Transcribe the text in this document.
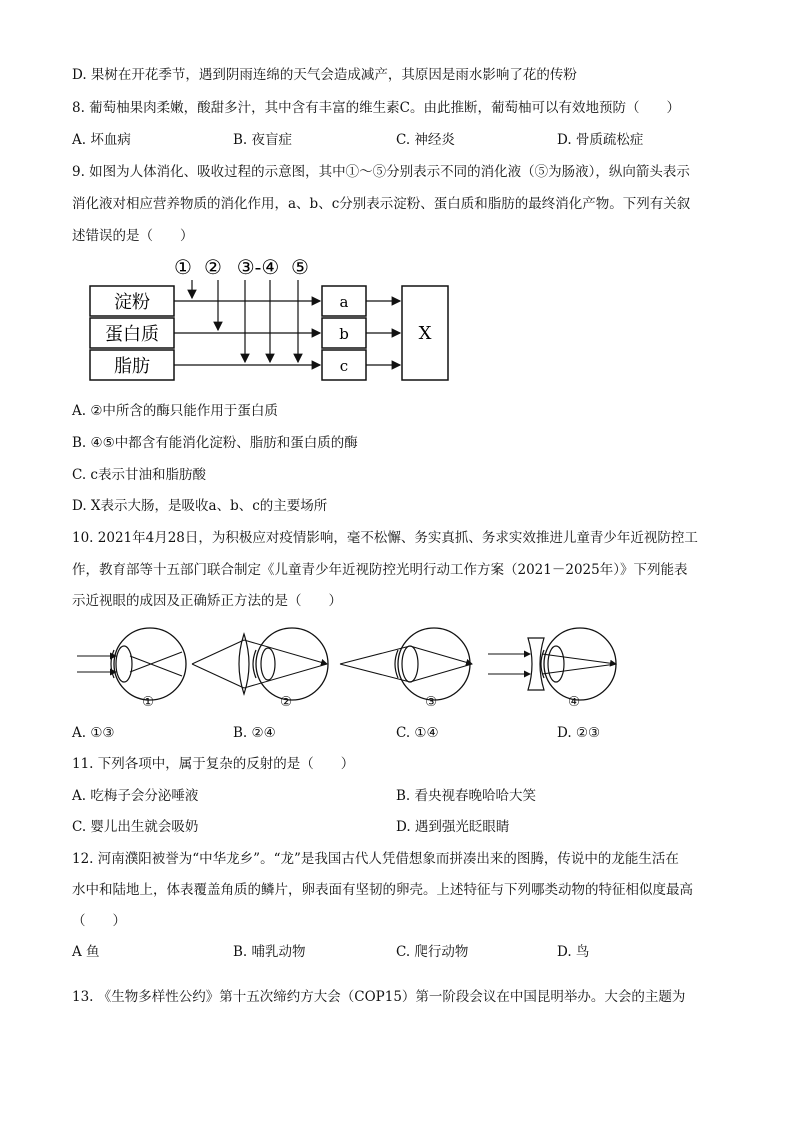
D. 果树在开花季节，遇到阴雨连绵的天气会造成减产，其原因是雨水影响了花的传粉
8. 葡萄柚果肉柔嫩，酸甜多汁，其中含有丰富的维生素C。由此推断，葡萄柚可以有效地预防（　　）
A. 坏血病	B. 夜盲症	C. 神经炎	D. 骨质疏松症
9. 如图为人体消化、吸收过程的示意图，其中①～⑤分别表示不同的消化液（⑤为肠液），纵向箭头表示
消化液对相应营养物质的消化作用，a、b、c分别表示淀粉、蛋白质和脂肪的最终消化产物。下列有关叙
述错误的是（　　）
① ② ③-④ ⑤
淀粉
蛋白质
脂肪
a
b
c
X
A. ②中所含的酶只能作用于蛋白质
B. ④⑤中都含有能消化淀粉、脂肪和蛋白质的酶
C. c表示甘油和脂肪酸
D. X表示大肠，是吸收a、b、c的主要场所
10. 2021年4月28日，为积极应对疫情影响，毫不松懈、务实真抓、务求实效推进儿童青少年近视防控工
作，教育部等十五部门联合制定《儿童青少年近视防控光明行动工作方案（2021－2025年）》下列能表
示近视眼的成因及正确矫正方法的是（　　）
①	②	③	④
A. ①③	B. ②④	C. ①④	D. ②③
11. 下列各项中，属于复杂的反射的是（　　）
A. 吃梅子会分泌唾液	B. 看央视春晚哈哈大笑
C. 婴儿出生就会吸奶	D. 遇到强光眨眼睛
12. 河南濮阳被誉为“中华龙乡”。“龙”是我国古代人凭借想象而拼凑出来的图腾，传说中的龙能生活在
水中和陆地上，体表覆盖角质的鳞片，卵表面有坚韧的卵壳。上述特征与下列哪类动物的特征相似度最高
（　　）
A 鱼	B. 哺乳动物	C. 爬行动物	D. 鸟
13. 《生物多样性公约》第十五次缔约方大会（COP15）第一阶段会议在中国昆明举办。大会的主题为
